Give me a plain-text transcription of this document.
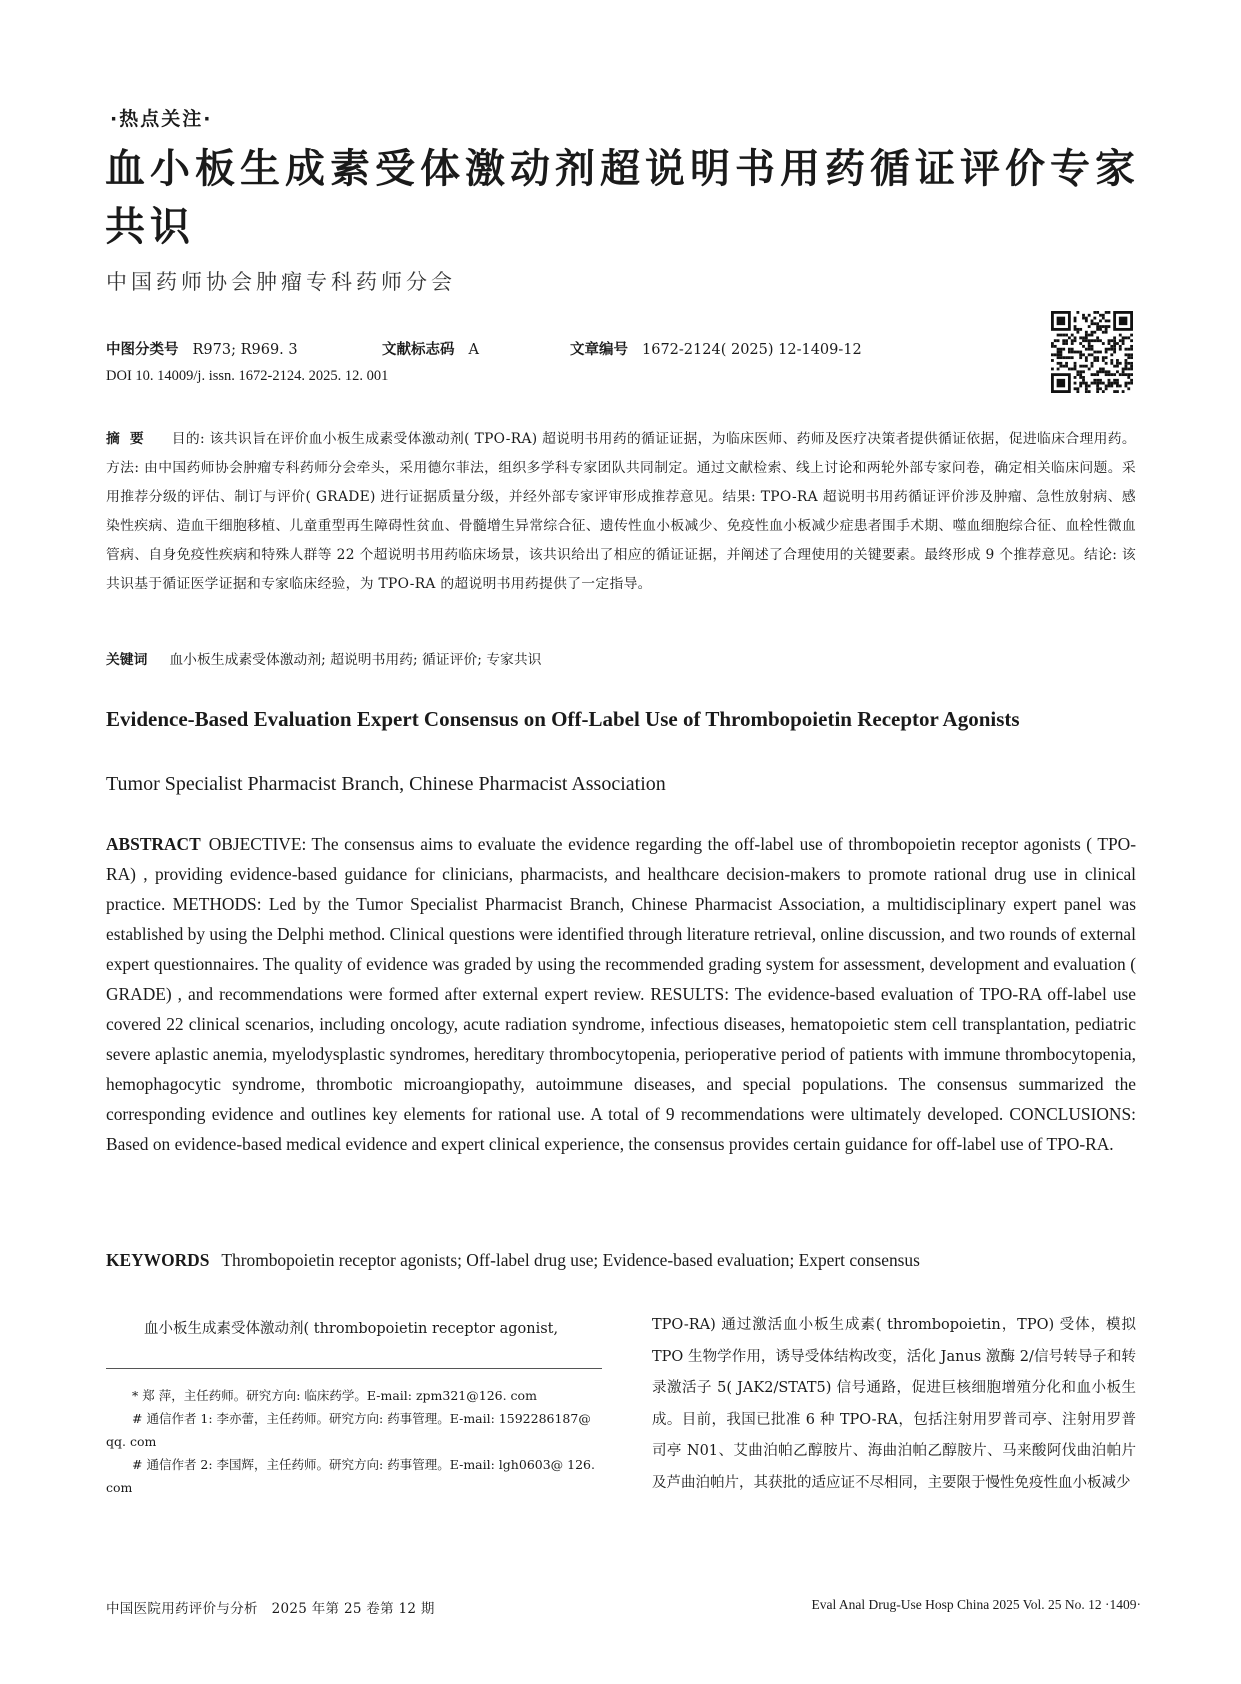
·热点关注·
血小板生成素受体激动剂超说明书用药循证评价专家共识
中国药师协会肿瘤专科药师分会
中图分类号 R973; R969. 3	文献标志码 A	文章编号 1672-2124( 2025) 12-1409-12
DOI 10. 14009/j. issn. 1672-2124. 2025. 12. 001
摘要 目的: 该共识旨在评价血小板生成素受体激动剂( TPO-RA) 超说明书用药的循证证据，为临床医师、药师及医疗决策者提供循证依据，促进临床合理用药。方法: 由中国药师协会肿瘤专科药师分会牵头，采用德尔菲法，组织多学科专家团队共同制定。通过文献检索、线上讨论和两轮外部专家问卷，确定相关临床问题。采用推荐分级的评估、制订与评价( GRADE) 进行证据质量分级，并经外部专家评审形成推荐意见。结果: TPO-RA 超说明书用药循证评价涉及肿瘤、急性放射病、感染性疾病、造血干细胞移植、儿童重型再生障碍性贫血、骨髓增生异常综合征、遗传性血小板减少、免疫性血小板减少症患者围手术期、噬血细胞综合征、血栓性微血管病、自身免疫性疾病和特殊人群等 22 个超说明书用药临床场景，该共识给出了相应的循证证据，并阐述了合理使用的关键要素。最终形成 9 个推荐意见。结论: 该共识基于循证医学证据和专家临床经验，为 TPO-RA 的超说明书用药提供了一定指导。
关键词 血小板生成素受体激动剂; 超说明书用药; 循证评价; 专家共识
Evidence-Based Evaluation Expert Consensus on Off-Label Use of Thrombopoietin Receptor Agonists
Tumor Specialist Pharmacist Branch, Chinese Pharmacist Association
ABSTRACT OBJECTIVE: The consensus aims to evaluate the evidence regarding the off-label use of thrombopoietin receptor agonists ( TPO-RA) , providing evidence-based guidance for clinicians, pharmacists, and healthcare decision-makers to promote rational drug use in clinical practice. METHODS: Led by the Tumor Specialist Pharmacist Branch, Chinese Pharmacist Association, a multidisciplinary expert panel was established by using the Delphi method. Clinical questions were identified through literature retrieval, online discussion, and two rounds of external expert questionnaires. The quality of evidence was graded by using the recommended grading system for assessment, development and evaluation ( GRADE) , and recommendations were formed after external expert review. RESULTS: The evidence-based evaluation of TPO-RA off-label use covered 22 clinical scenarios, including oncology, acute radiation syndrome, infectious diseases, hematopoietic stem cell transplantation, pediatric severe aplastic anemia, myelodysplastic syndromes, hereditary thrombocytopenia, perioperative period of patients with immune thrombocytopenia, hemophagocytic syndrome, thrombotic microangiopathy, autoimmune diseases, and special populations. The consensus summarized the corresponding evidence and outlines key elements for rational use. A total of 9 recommendations were ultimately developed. CONCLUSIONS: Based on evidence-based medical evidence and expert clinical experience, the consensus provides certain guidance for off-label use of TPO-RA.
KEYWORDS Thrombopoietin receptor agonists; Off-label drug use; Evidence-based evaluation; Expert consensus
血小板生成素受体激动剂( thrombopoietin receptor agonist,

* 郑 萍，主任药师。研究方向: 临床药学。E-mail: zpm321@126. com

# 通信作者 1: 李亦蕾，主任药师。研究方向: 药事管理。E-mail: 1592286187@ qq. com

# 通信作者 2: 李国辉，主任药师。研究方向: 药事管理。E-mail: lgh0603@ 126. com

TPO-RA) 通过激活血小板生成素( thrombopoietin，TPO) 受体，模拟 TPO 生物学作用，诱导受体结构改变，活化 Janus 激酶 2/信号转导子和转录激活子 5( JAK2/STAT5) 信号通路，促进巨核细胞增殖分化和血小板生成。目前，我国已批准 6 种 TPO-RA，包括注射用罗普司亭、注射用罗普司亭 N01、艾曲泊帕乙醇胺片、海曲泊帕乙醇胺片、马来酸阿伐曲泊帕片及芦曲泊帕片，其获批的适应证不尽相同，主要限于慢性免疫性血小板减少

中国医院用药评价与分析　2025 年第 25 卷第 12 期	Eval Anal Drug-Use Hosp China 2025 Vol. 25 No. 12 ·1409·
